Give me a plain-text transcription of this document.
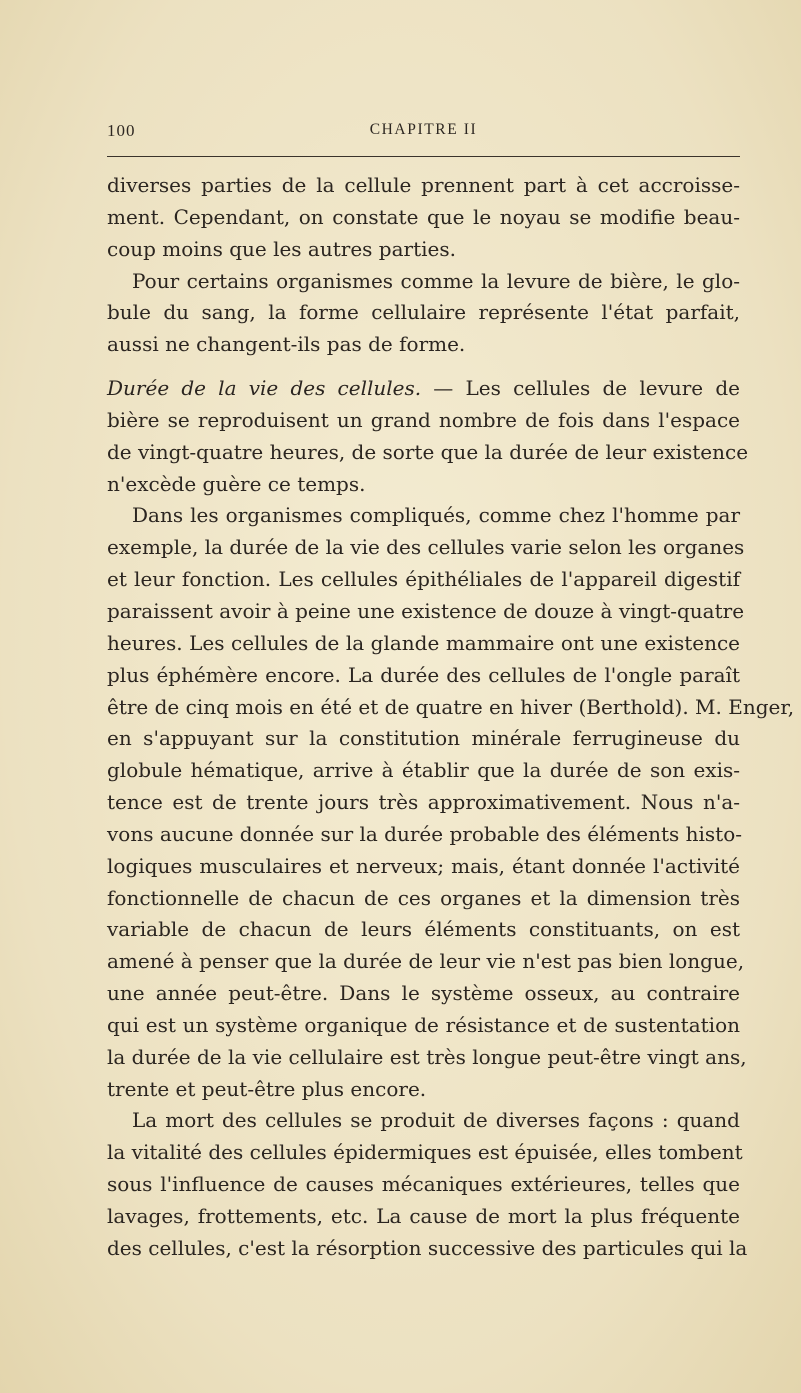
100	CHAPITRE II
diverses parties de la cellule prennent part à cet accroisse-
ment. Cependant, on constate que le noyau se modifie beau-
coup moins que les autres parties.
Pour certains organismes comme la levure de bière, le glo-
bule du sang, la forme cellulaire représente l'état parfait,
aussi ne changent-ils pas de forme.
Durée de la vie des cellules. — Les cellules de levure de
bière se reproduisent un grand nombre de fois dans l'espace
de vingt-quatre heures, de sorte que la durée de leur existence
n'excède guère ce temps.
Dans les organismes compliqués, comme chez l'homme par
exemple, la durée de la vie des cellules varie selon les organes
et leur fonction. Les cellules épithéliales de l'appareil digestif
paraissent avoir à peine une existence de douze à vingt-quatre
heures. Les cellules de la glande mammaire ont une existence
plus éphémère encore. La durée des cellules de l'ongle paraît
être de cinq mois en été et de quatre en hiver (Berthold). M. Enger,
en s'appuyant sur la constitution minérale ferrugineuse du
globule hématique, arrive à établir que la durée de son exis-
tence est de trente jours très approximativement. Nous n'a-
vons aucune donnée sur la durée probable des éléments histo-
logiques musculaires et nerveux; mais, étant donnée l'activité
fonctionnelle de chacun de ces organes et la dimension très
variable de chacun de leurs éléments constituants, on est
amené à penser que la durée de leur vie n'est pas bien longue,
une année peut-être. Dans le système osseux, au contraire
qui est un système organique de résistance et de sustentation
la durée de la vie cellulaire est très longue peut-être vingt ans,
trente et peut-être plus encore.
La mort des cellules se produit de diverses façons : quand
la vitalité des cellules épidermiques est épuisée, elles tombent
sous l'influence de causes mécaniques extérieures, telles que
lavages, frottements, etc. La cause de mort la plus fréquente
des cellules, c'est la résorption successive des particules qui la
